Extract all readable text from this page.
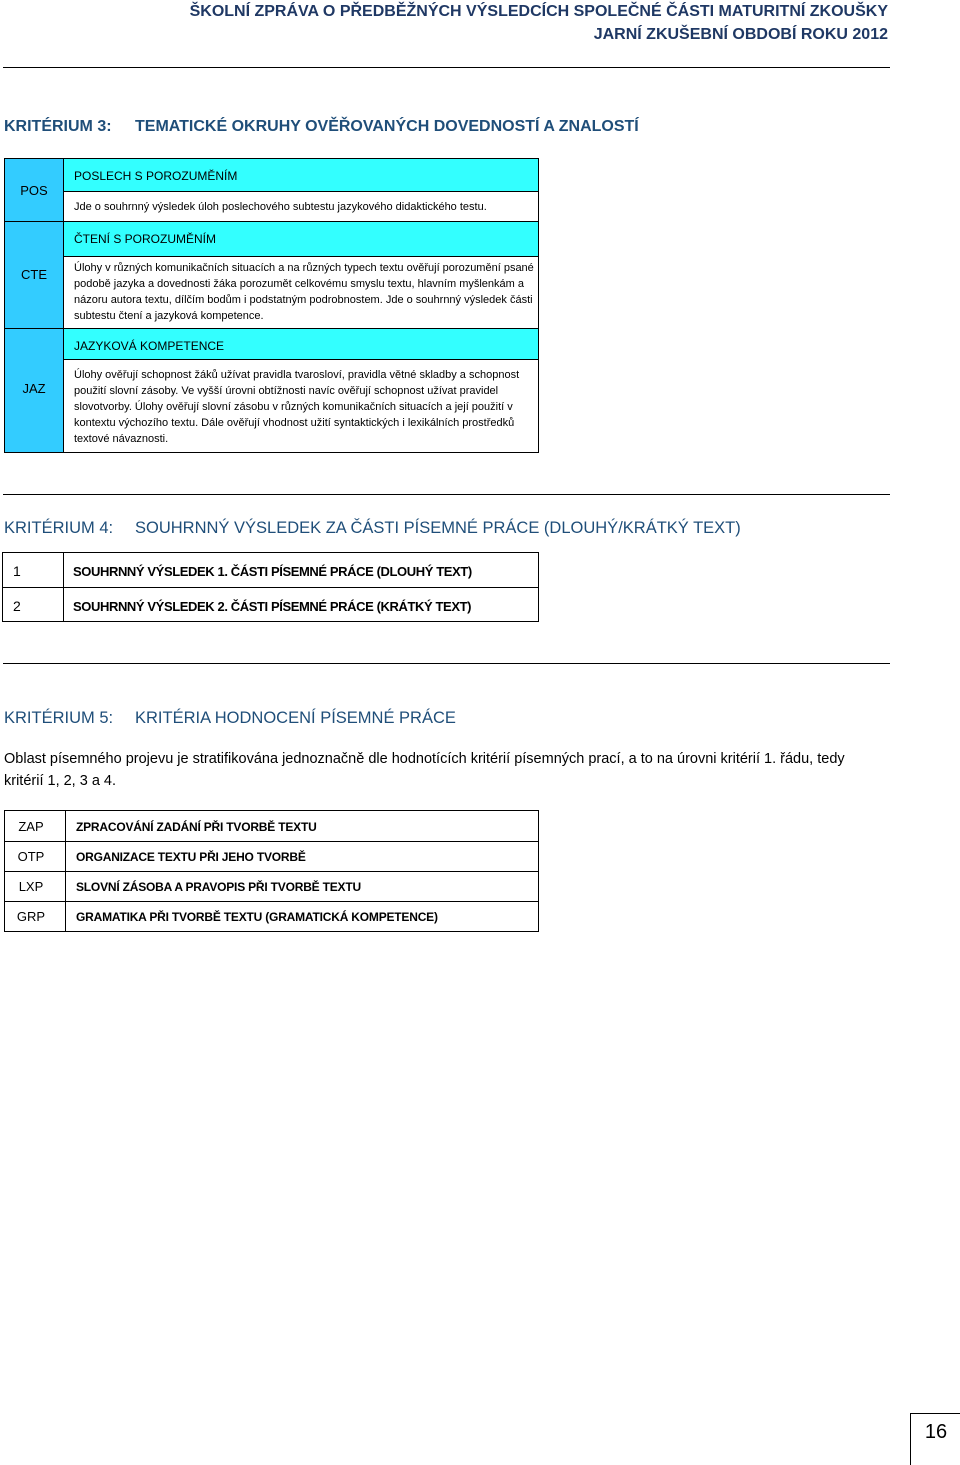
ŠKOLNÍ ZPRÁVA O PŘEDBĚŽNÝCH VÝSLEDCÍCH SPOLEČNÉ ČÁSTI MATURITNÍ ZKOUŠKY
JARNÍ ZKUŠEBNÍ OBDOBÍ ROKU 2012
KRITÉRIUM 3: TEMATICKÉ OKRUHY OVĚŘOVANÝCH DOVEDNOSTÍ A ZNALOSTÍ
POS
POSLECH S POROZUMĚNÍM
Jde o souhrnný výsledek úloh poslechového subtestu jazykového didaktického testu.
CTE
ČTENÍ S POROZUMĚNÍM
Úlohy v různých komunikačních situacích a na různých typech textu ověřují porozumění psané podobě jazyka a dovednosti žáka porozumět celkovému smyslu textu, hlavním myšlenkám a názoru autora textu, dílčím bodům i podstatným podrobnostem. Jde o souhrnný výsledek části subtestu čtení a jazyková kompetence.
JAZ
JAZYKOVÁ KOMPETENCE
Úlohy ověřují schopnost žáků užívat pravidla tvarosloví, pravidla větné skladby a schopnost použití slovní zásoby. Ve vyšší úrovni obtížnosti navíc ověřují schopnost užívat pravidel slovotvorby. Úlohy ověřují slovní zásobu v různých komunikačních situacích a její použití v kontextu výchozího textu. Dále ověřují vhodnost užití syntaktických i lexikálních prostředků textové návaznosti.
KRITÉRIUM 4: SOUHRNNÝ VÝSLEDEK ZA ČÁSTI PÍSEMNÉ PRÁCE (DLOUHÝ/KRÁTKÝ TEXT)
1	SOUHRNNÝ VÝSLEDEK 1. ČÁSTI PÍSEMNÉ PRÁCE (DLOUHÝ TEXT)
2	SOUHRNNÝ VÝSLEDEK 2. ČÁSTI PÍSEMNÉ PRÁCE (KRÁTKÝ TEXT)
KRITÉRIUM 5: KRITÉRIA HODNOCENÍ PÍSEMNÉ PRÁCE
Oblast písemného projevu je stratifikována jednoznačně dle hodnotících kritérií písemných prací, a to na úrovni kritérií 1. řádu, tedy kritérií 1, 2, 3 a 4.
ZAP	ZPRACOVÁNÍ ZADÁNÍ PŘI TVORBĚ TEXTU
OTP	ORGANIZACE TEXTU PŘI JEHO TVORBĚ
LXP	SLOVNÍ ZÁSOBA A PRAVOPIS PŘI TVORBĚ TEXTU
GRP	GRAMATIKA PŘI TVORBĚ TEXTU (GRAMATICKÁ KOMPETENCE)
16
